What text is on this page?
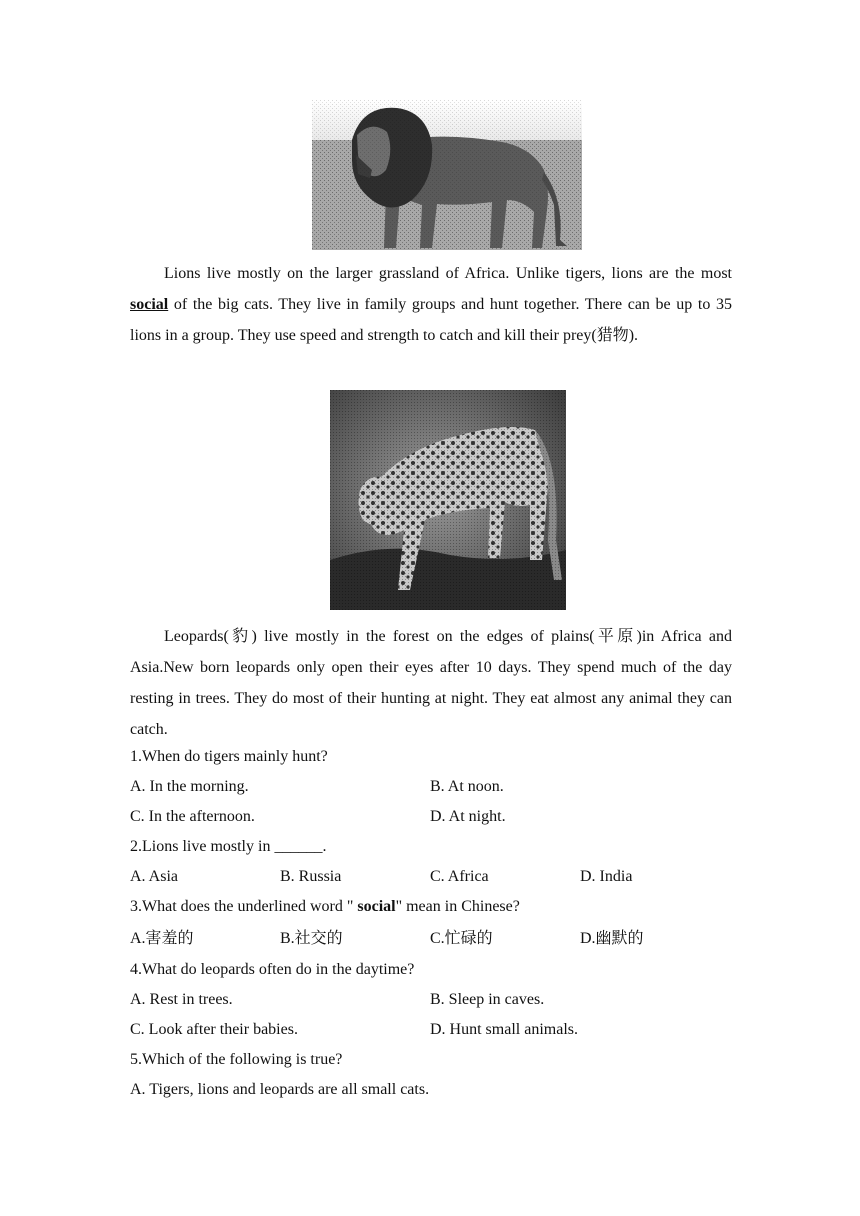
Lions live mostly on the larger grassland of Africa. Unlike tigers, lions are the most social of the big cats. They live in family groups and hunt together. There can be up to 35 lions in a group. They use speed and strength to catch and kill their prey(猎物).

Leopards(豹) live mostly in the forest on the edges of plains(平原)in Africa and Asia.New born leopards only open their eyes after 10 days. They spend much of the day resting in trees. They do most of their hunting at night. They eat almost any animal they can catch.

1.When do tigers mainly hunt?

A. In the morning.	B. At noon.
C. In the afternoon.	D. At night.

2.Lions live mostly in ______.

A. Asia	B. Russia	C. Africa	D. India

3.What does the underlined word " social" mean in Chinese?

A.害羞的	B.社交的	C.忙碌的	D.幽默的

4.What do leopards often do in the daytime?

A. Rest in trees.	B. Sleep in caves.
C. Look after their babies.	D. Hunt small animals.

5.Which of the following is true?

A. Tigers, lions and leopards are all small cats.
